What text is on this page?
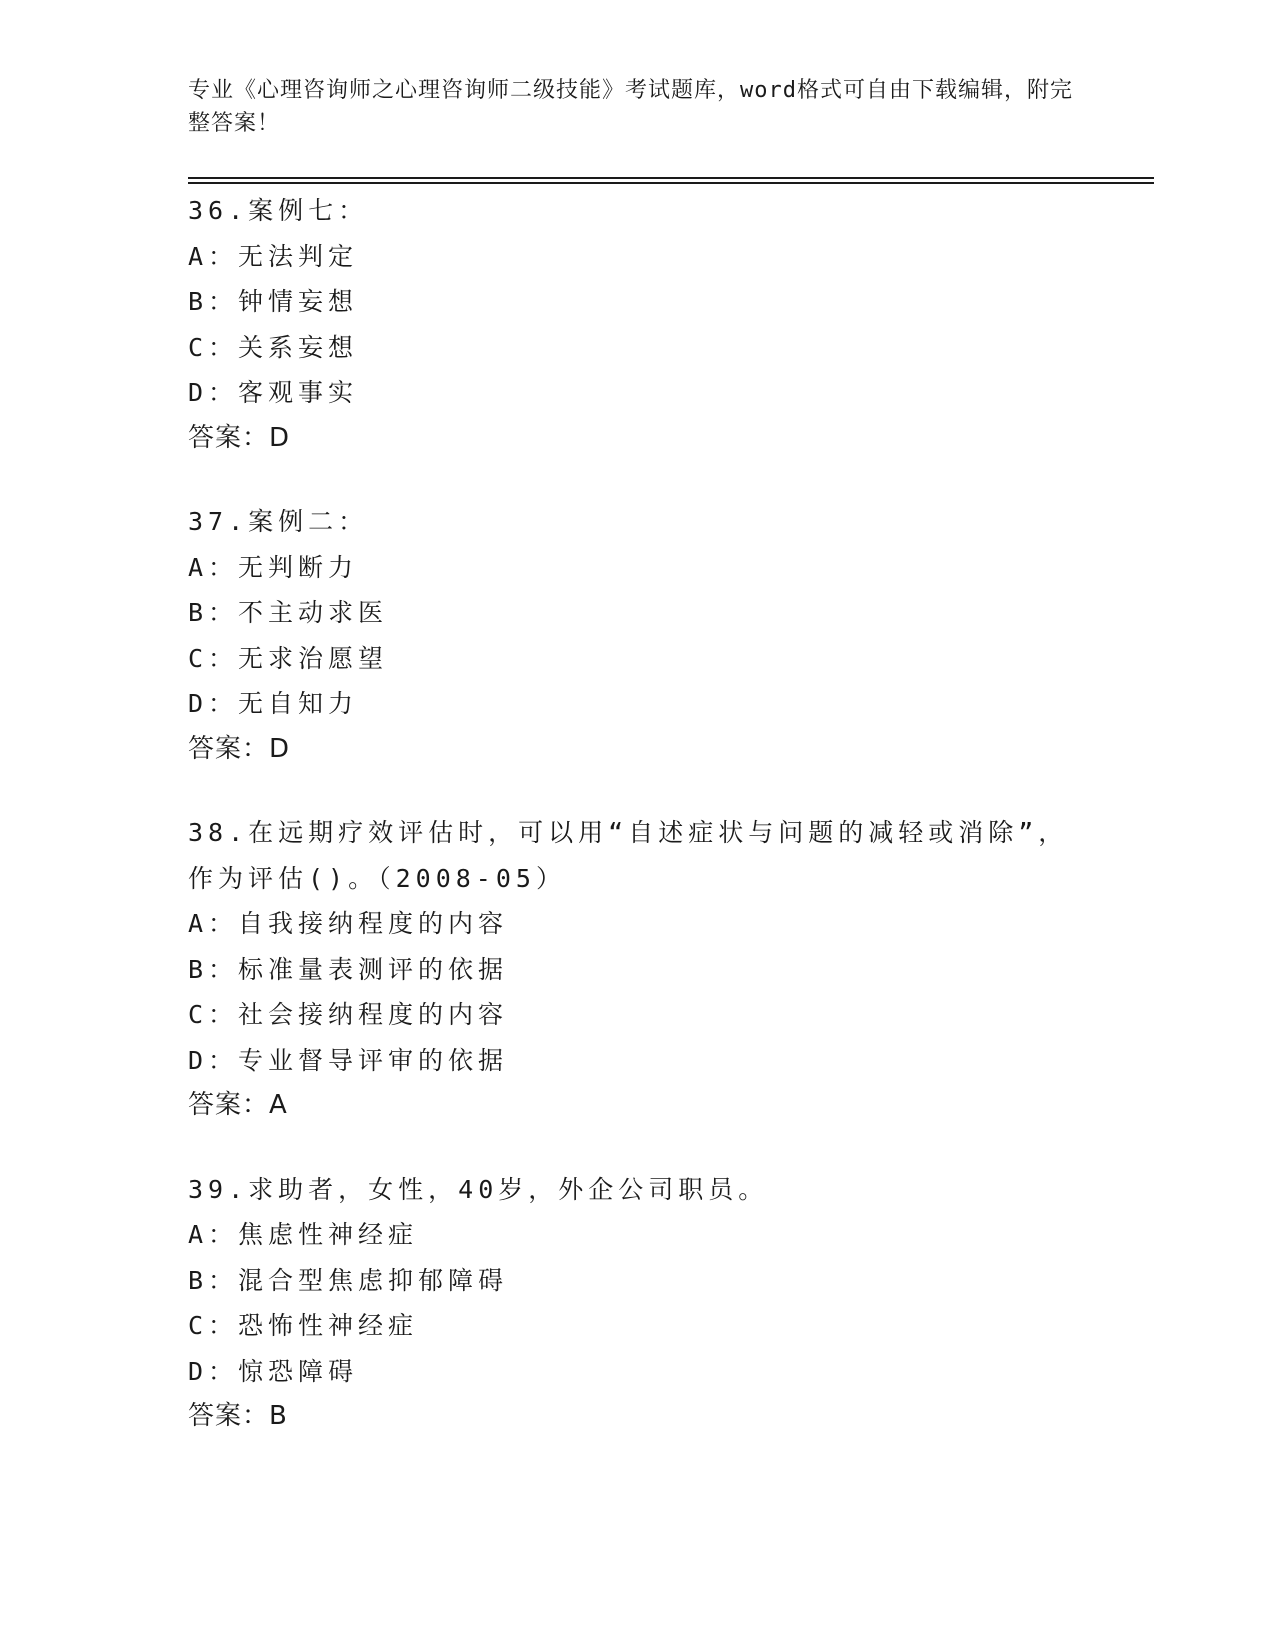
专业《心理咨询师之心理咨询师二级技能》考试题库，word格式可自由下载编辑，附完整答案！
36.案例七：
A：无法判定
B：钟情妄想
C：关系妄想
D：客观事实
答案：D
37.案例二：
A：无判断力
B：不主动求医
C：无求治愿望
D：无自知力
答案：D
38.在远期疗效评估时，可以用“自述症状与问题的减轻或消除”，作为评估()。（2008-05）
A：自我接纳程度的内容
B：标准量表测评的依据
C：社会接纳程度的内容
D：专业督导评审的依据
答案：A
39.求助者，女性，40岁，外企公司职员。
A：焦虑性神经症
B：混合型焦虑抑郁障碍
C：恐怖性神经症
D：惊恐障碍
答案：B
